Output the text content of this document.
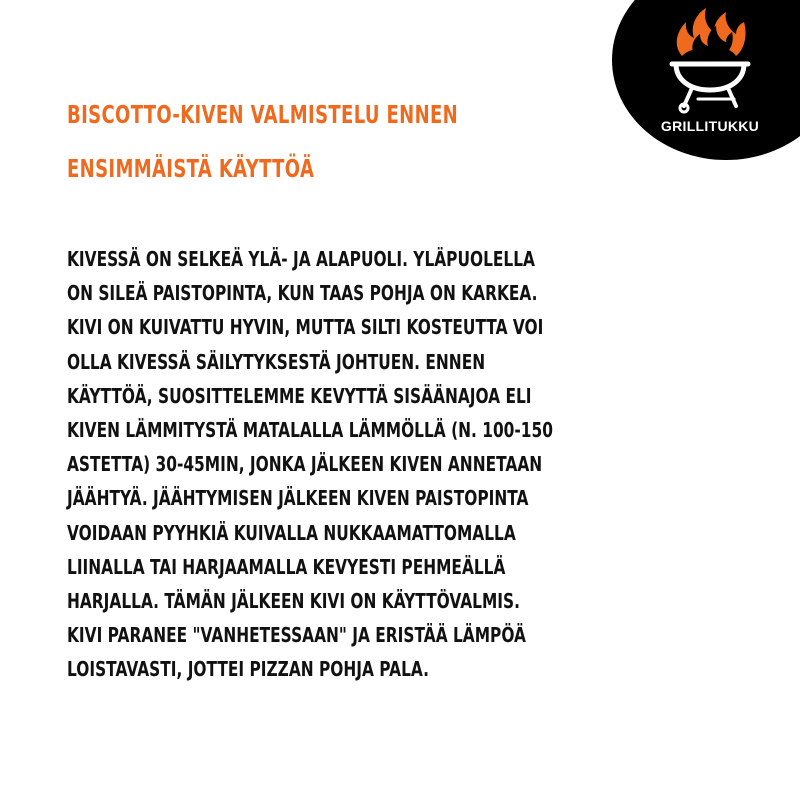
GRILLITUKKU
BISCOTTO-KIVEN VALMISTELU ENNEN
ENSIMMÄISTÄ KÄYTTÖÄ
KIVESSÄ ON SELKEÄ YLÄ- JA ALAPUOLI. YLÄPUOLELLA
ON SILEÄ PAISTOPINTA, KUN TAAS POHJA ON KARKEA.
KIVI ON KUIVATTU HYVIN, MUTTA SILTI KOSTEUTTA VOI
OLLA KIVESSÄ SÄILYTYKSESTÄ JOHTUEN. ENNEN
KÄYTTÖÄ, SUOSITTELEMME KEVYTTÄ SISÄÄNAJOA ELI
KIVEN LÄMMITYSTÄ MATALALLA LÄMMÖLLÄ (N. 100-150
ASTETTA) 30-45MIN, JONKA JÄLKEEN KIVEN ANNETAAN
JÄÄHTYÄ. JÄÄHTYMISEN JÄLKEEN KIVEN PAISTOPINTA
VOIDAAN PYYHKIÄ KUIVALLA NUKKAAMATTOMALLA
LIINALLA TAI HARJAAMALLA KEVYESTI PEHMEÄLLÄ
HARJALLA. TÄMÄN JÄLKEEN KIVI ON KÄYTTÖVALMIS.
KIVI PARANEE "VANHETESSAAN" JA ERISTÄÄ LÄMPÖÄ
LOISTAVASTI, JOTTEI PIZZAN POHJA PALA.
